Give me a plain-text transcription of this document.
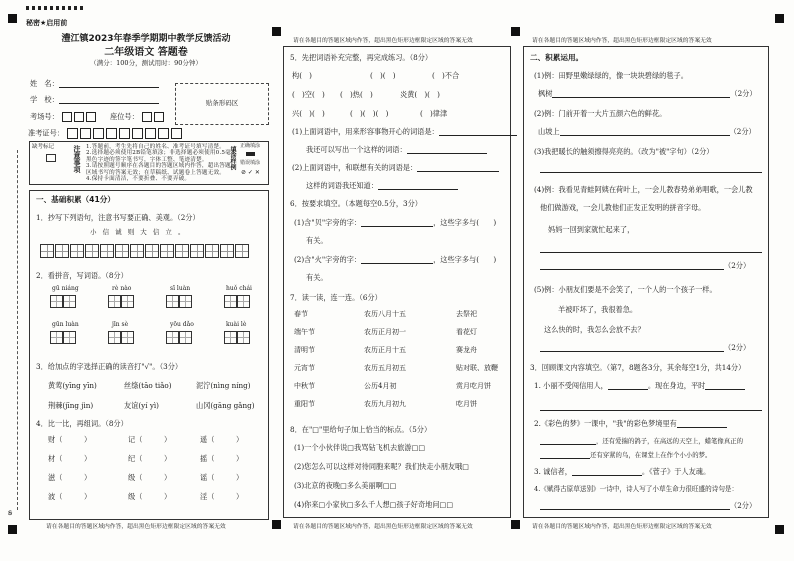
秘密★启用前
澧江镇2023年春季学期期中教学反馈活动
二年级语文 答题卷
（满分：100分，测试用时：90分钟）
姓　名：
学　校：
考场号：	座位号：
准考证号：
贴条形码区
缺考标记	注意事项 1.答题前，考生先将自己的姓名、准考证号填写清楚。
2.选择题必须使用2B铅笔填涂；非选择题必须使用0.5毫米
黑色字迹的签字笔书写，字体工整、笔迹清楚。
3.请按照题号顺序在各题目的答题区域内作答，超出答题
区域书写的答案无效；在草稿纸、试题卷上答题无效。
4.保持卡面清洁，不要折叠、不要弄破。
填涂样例 正确填涂
错误填涂
⊘ ✓ ✕
一、基础积累（41分）
1．抄写下列语句，注意书写要正确、美观。（2分）
小 信 诚 则 大 信 立 。
2．看拼音，写词语。（8分）
gū niáng	rè nào	sī luàn	huǒ chái
gūn luàn	jīn sè	yōu dǎo	kuài lè
3．给加点的字选择正确的读音打"√"。（3分）
黄莺(yīng yīn)	丝绦(tāo tiǎo)	泥泞(nìng níng)
荆棘(jīng jìn)	友谊(yí yì)	山冈(gāng gǎng)
4．比一比，再组词。（8分）
财（　　　）	记（　　　）	遥（　　　）
材（　　　）	纪（　　　）	摇（　　　）
滋（　　　）	级（　　　）	谣（　　　）
波（　　　）	级（　　　）	淫（　　　）
请在各题目的答题区域内作答，超出黑色矩形边框限定区域的答案无效
请在各题目的答题区域内作答，超出黑色矩形边框限定区域的答案无效
5．先把词语补充完整，再完成练习。（8分）
构(　)	(　)(　)	(　)不合
(　)空(　) (　)热(　)	炎黄(　)(　)
兴(　)(　)	(　)(　)(　)	(　)律津
(1)上面词语中，用来形容事物开心的词语是：
我还可以写出一个这样的词语：
(2)上面词语中，和联想有关的词语是：
这样的词语我还知道：
6．按要求填空。（本题每空0.5分，3分）
(1)含"贝"字旁的字：	，这些字多与(　　)
有关。
(2)含"火"字旁的字：	，这些字多与(　　)
有关。
7．读一读，连一连。（6分）
春节	农历八月十五	去祭祀
端午节	农历正月初一	看花灯
清明节	农历正月十五	赛龙舟
元宵节	农历五月初五	贴对联、放鞭
中秋节	公历4月初	赏月吃月饼
重阳节	农历九月初九	吃月饼
8．在"□"里给句子加上恰当的标点。（5分）
(1)一个小伙伴说□我骂钻飞机去旅游□□
(2)您怎么可以这样对待同胞来呢？我们快走小朋友哦□
(3)北京的夜晚□多么美丽啊□□
(4)你来□小家伙□多么千人想□孩子好奇地问□□
请在各题目的答题区域内作答，超出黑色矩形边框限定区域的答案无效
请在各题目的答题区域内作答，超出黑色矩形边框限定区域的答案无效
二、积累运用。
(1)例：田野里嫩绿绿的，像一块块碧绿的毯子。
枫树	（2分）
(2)例：门前开着一大片五颜六色的鲜花。
山坡上	（2分）
(3)我把暖长的触须擦得亮亮的。（改为"被"字句）（2分）
(4)例：我看见青蛙阿姨在荷叶上，一会儿教春势弟弟唱歌，一会儿教
他们做游戏，一会儿教他们正发正发明的拼音字母。
妈妈一回到家就忙起来了，
（2分）
(5)例：小朋友们要是不会笑了，一个人的一个孩子一样。
羊被吓坏了，我很着急。
这么快的时，我怎么会放不去？
（2分）
3．回顾课文内容填空。（第7，8题各3分，其余每空1分，共14分）
1. 小丽不受闯信用人，	。现在身边，平时
2.《彩色的梦》一课中，"我"的彩色梦境里有
，还有爱揣的鸽子，在高远的天空上，蜡笔像真正的
还有穿紧的鸟，在课堂上在作个小小的梦。
3. 诚信者，	。《菅子》于人友魂。
4.《赋得古原草送别》一诗中，诗人写了小草生命力很旺盛的诗句是：
（2分）
请在各题目的答题区域内作答，超出黑色矩形边框限定区域的答案无效
ꞩ
